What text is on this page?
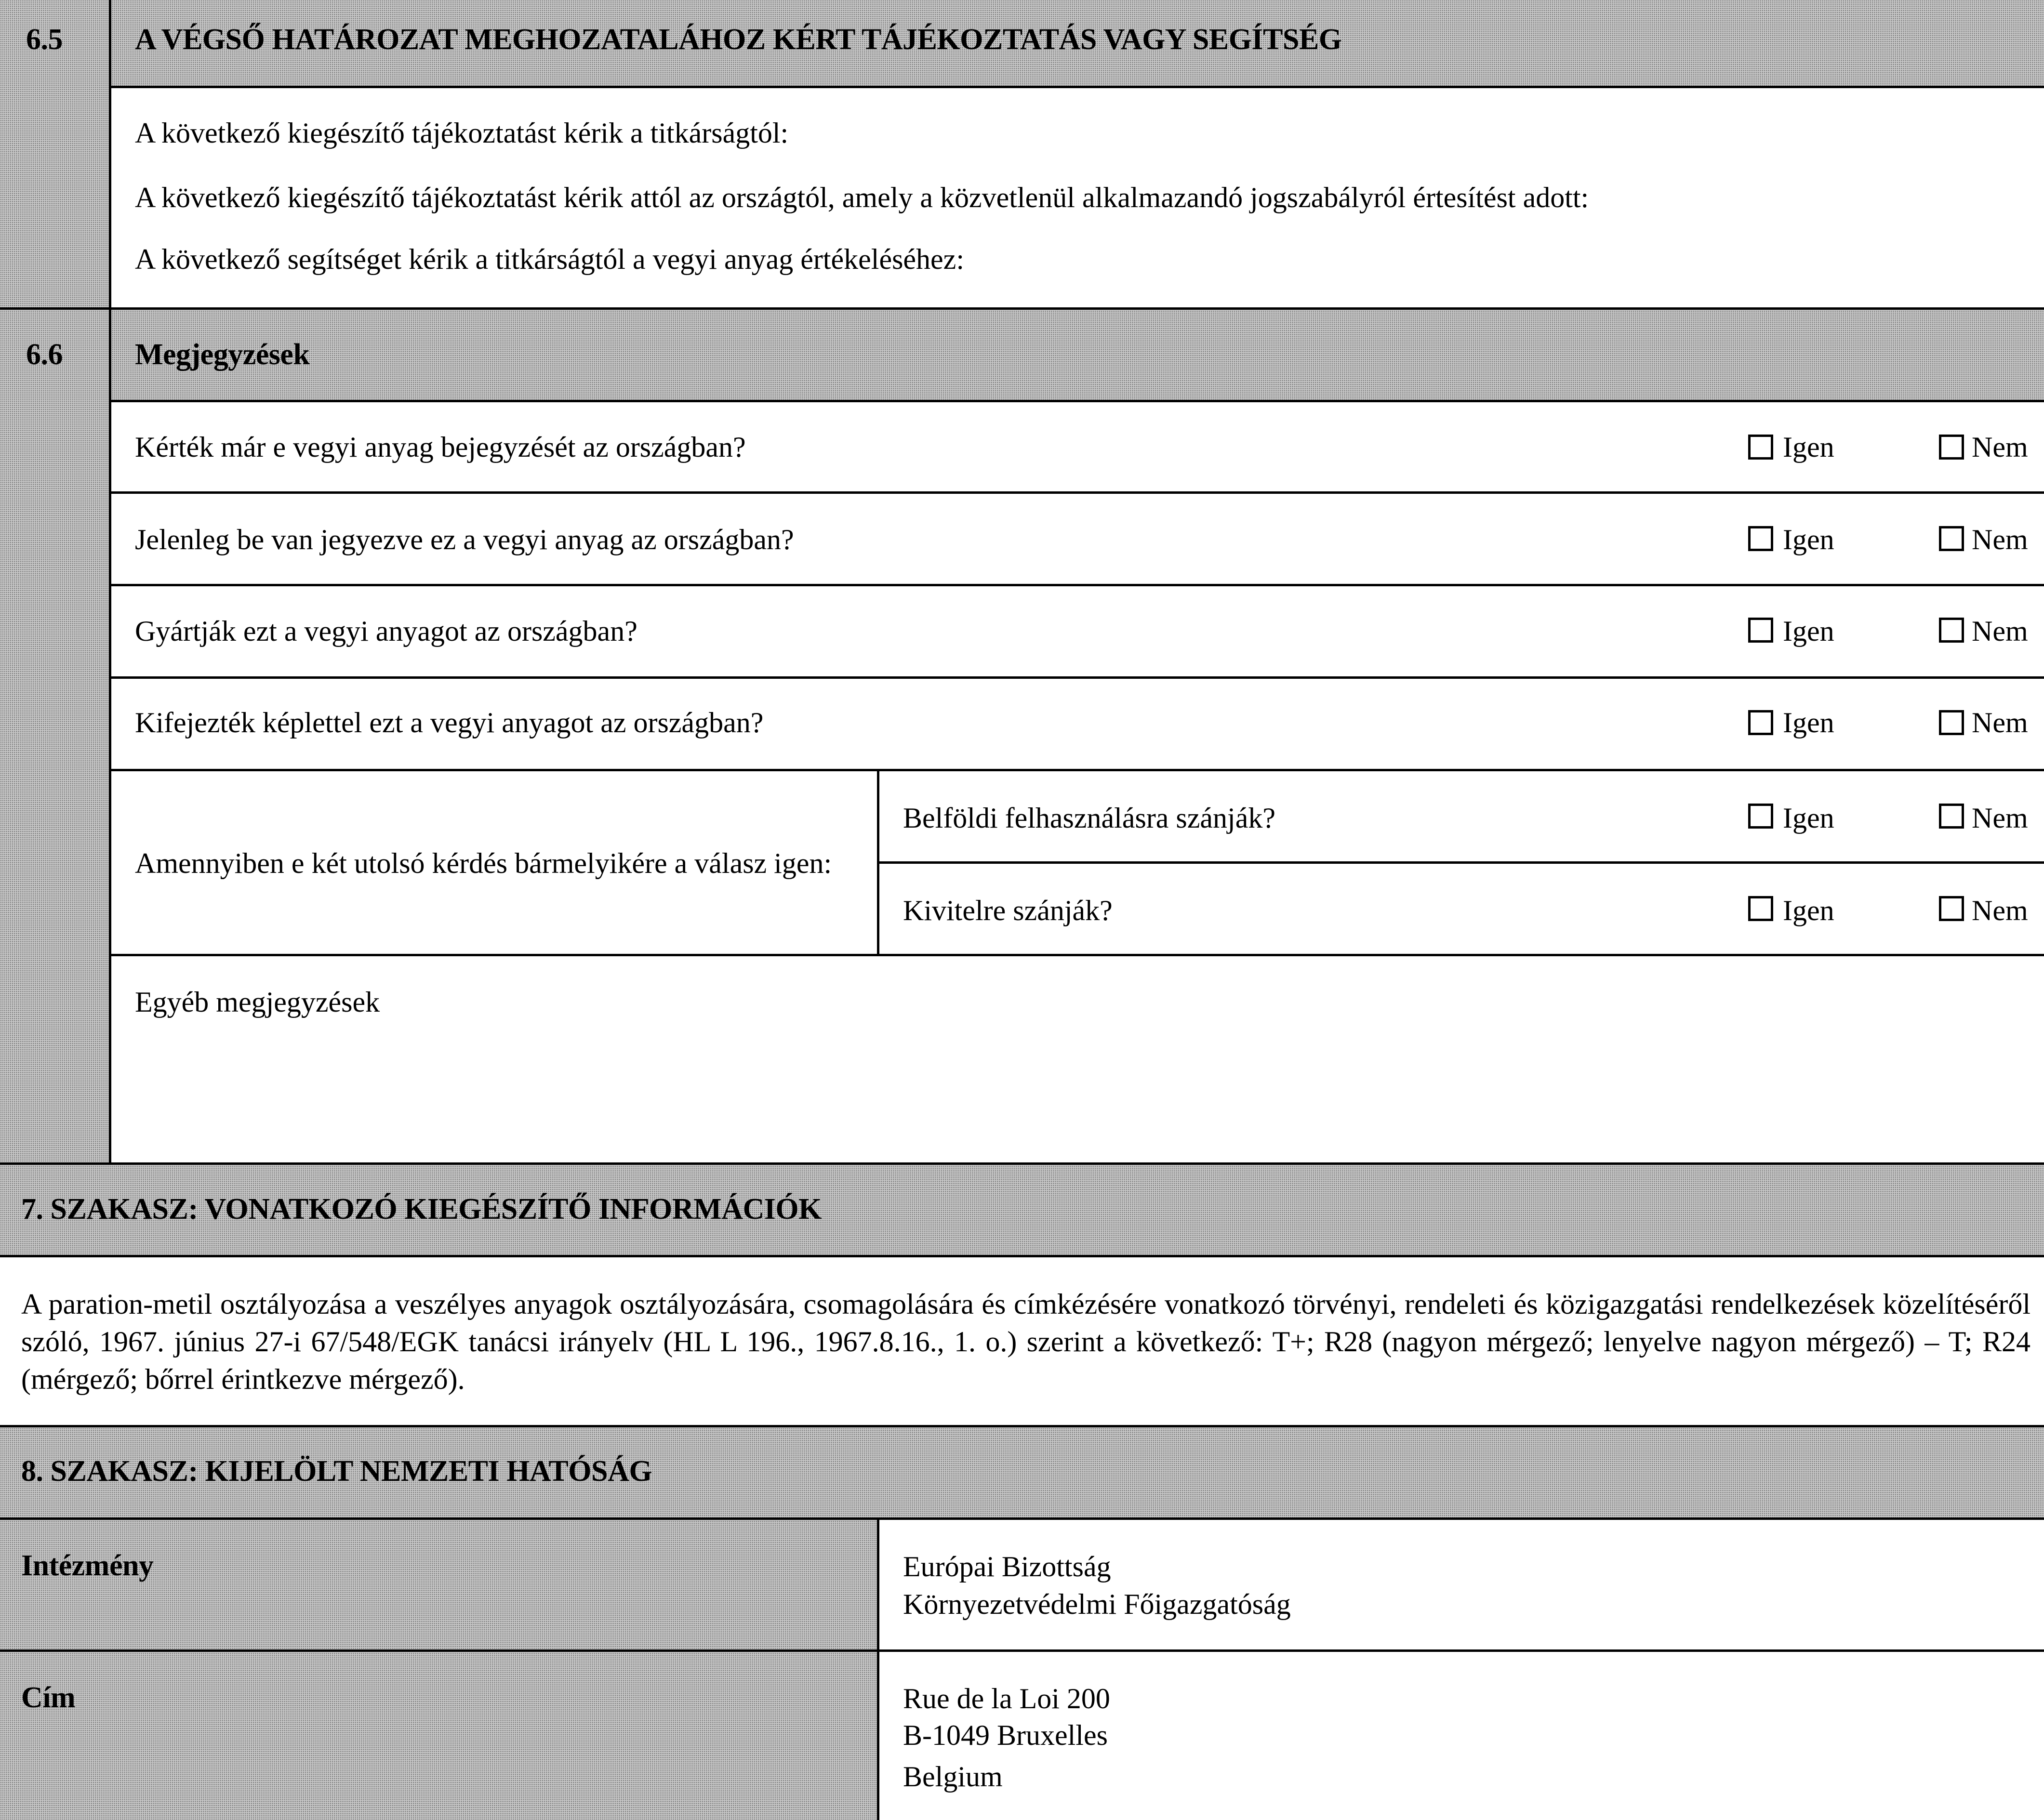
6.5 A VÉGSŐ HATÁROZAT MEGHOZATALÁHOZ KÉRT TÁJÉKOZTATÁS VAGY SEGÍTSÉG
A következő kiegészítő tájékoztatást kérik a titkárságtól:
A következő kiegészítő tájékoztatást kérik attól az országtól, amely a közvetlenül alkalmazandó jogszabályról értesítést adott:
A következő segítséget kérik a titkárságtól a vegyi anyag értékeléséhez:
6.6 Megjegyzések
Kérték már e vegyi anyag bejegyzését az országban?	Igen	Nem
Jelenleg be van jegyezve ez a vegyi anyag az országban?	Igen	Nem
Gyártják ezt a vegyi anyagot az országban?	Igen	Nem
Kifejezték képlettel ezt a vegyi anyagot az országban?	Igen	Nem
Amennyiben e két utolsó kérdés bármelyikére a válasz igen:
Belföldi felhasználásra szánják?	Igen	Nem
Kivitelre szánják?	Igen	Nem
Egyéb megjegyzések
7. SZAKASZ: VONATKOZÓ KIEGÉSZÍTŐ INFORMÁCIÓK
A paration-metil osztályozása a veszélyes anyagok osztályozására, csomagolására és címkézésére vonatkozó törvényi, rendeleti és közigazgatási rendelkezések közelítéséről szóló, 1967. június 27-i 67/548/EGK tanácsi irányelv (HL L 196., 1967.8.16., 1. o.) szerint a következő: T+; R28 (nagyon mérgező; lenyelve nagyon mérgező) – T; R24 (mérgező; bőrrel érintkezve mérgező).
8. SZAKASZ: KIJELÖLT NEMZETI HATÓSÁG
Intézmény	Európai Bizottság
Környezetvédelmi Főigazgatóság
Cím	Rue de la Loi 200
B-1049 Bruxelles
Belgium
